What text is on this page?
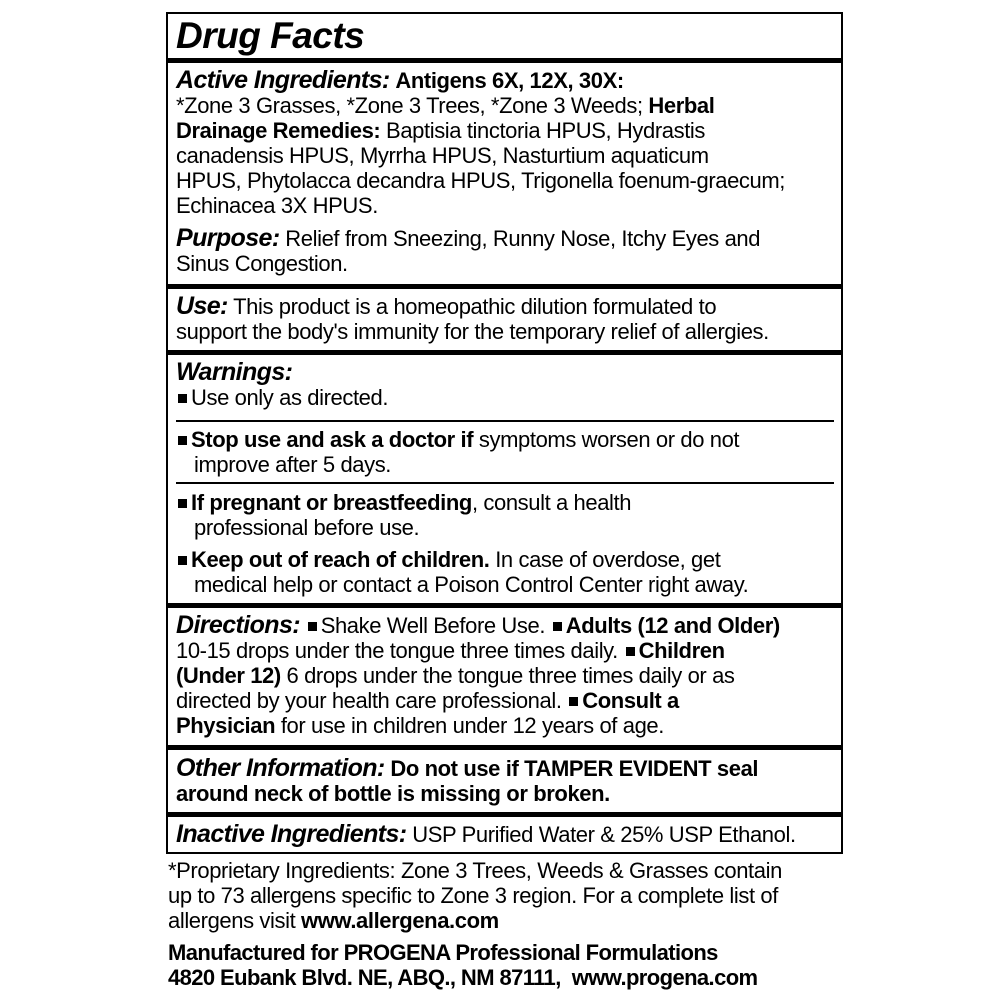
Drug Facts
Active Ingredients: Antigens 6X, 12X, 30X:
*Zone 3 Grasses, *Zone 3 Trees, *Zone 3 Weeds; Herbal
Drainage Remedies: Baptisia tinctoria HPUS, Hydrastis
canadensis HPUS, Myrrha HPUS, Nasturtium aquaticum
HPUS, Phytolacca decandra HPUS, Trigonella foenum-graecum;
Echinacea 3X HPUS.
Purpose: Relief from Sneezing, Runny Nose, Itchy Eyes and
Sinus Congestion.
Use: This product is a homeopathic dilution formulated to
support the body's immunity for the temporary relief of allergies.
Warnings:
Use only as directed.
Stop use and ask a doctor if symptoms worsen or do not
improve after 5 days.
If pregnant or breastfeeding, consult a health
professional before use.
Keep out of reach of children. In case of overdose, get
medical help or contact a Poison Control Center right away.
Directions: Shake Well Before Use. Adults (12 and Older)
10-15 drops under the tongue three times daily. Children
(Under 12) 6 drops under the tongue three times daily or as
directed by your health care professional. Consult a
Physician for use in children under 12 years of age.
Other Information: Do not use if TAMPER EVIDENT seal
around neck of bottle is missing or broken.
Inactive Ingredients: USP Purified Water & 25% USP Ethanol.
*Proprietary Ingredients: Zone 3 Trees, Weeds & Grasses contain
up to 73 allergens specific to Zone 3 region. For a complete list of
allergens visit www.allergena.com
Manufactured for PROGENA Professional Formulations
4820 Eubank Blvd. NE, ABQ., NM 87111,  www.progena.com
